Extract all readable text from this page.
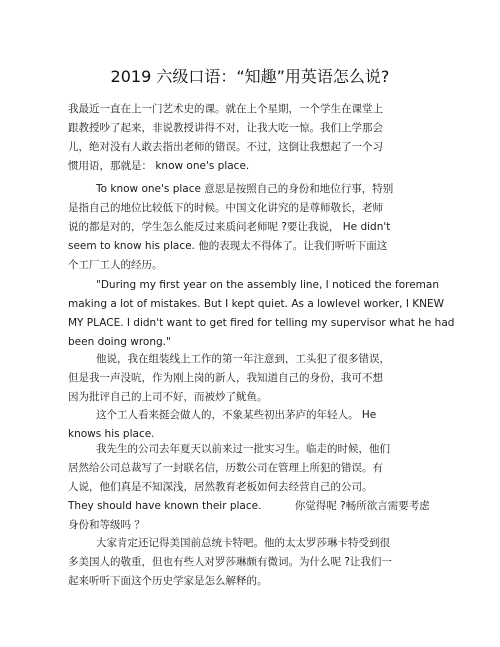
2019 六级口语：“知趣”用英语怎么说?

我最近一直在上一门艺术史的课。就在上个星期，一个学生在课堂上
跟教授吵了起来，非说教授讲得不对，让我大吃一惊。我们上学那会
儿，绝对没有人敢去指出老师的错误。不过，这倒让我想起了一个习
惯用语，那就是： know one's place.

To know one's place 意思是按照自己的身份和地位行事，特别
是指自己的地位比较低下的时候。中国文化讲究的是尊师敬长，老师
说的都是对的，学生怎么能反过来质问老师呢 ?要让我说， He didn't
seem to know his place. 他的表现太不得体了。让我们听听下面这
个工厂工人的经历。

"During my first year on the assembly line, I noticed the foreman
making a lot of mistakes. But I kept quiet. As a lowlevel worker, I KNEW
MY PLACE. I didn't want to get fired for telling my supervisor what he had
been doing wrong."

他说，我在组装线上工作的第一年注意到，工头犯了很多错误，
但是我一声没吭，作为刚上岗的新人，我知道自己的身份，我可不想
因为批评自己的上司不好，而被炒了鱿鱼。

这个工人看来挺会做人的，不象某些初出茅庐的年轻人。 He
knows his place.

我先生的公司去年夏天以前来过一批实习生。临走的时候，他们
居然给公司总裁写了一封联名信，历数公司在管理上所犯的错误。有
人说，他们真是不知深浅，居然教育老板如何去经营自己的公司。
They should have known their place.          你觉得呢 ?畅所欲言需要考虑
身份和等级吗 ？

大家肯定还记得美国前总统卡特吧。他的太太罗莎琳卡特受到很
多美国人的敬重，但也有些人对罗莎琳颇有微词。为什么呢 ?让我们一
起来听听下面这个历史学家是怎么解释的。
